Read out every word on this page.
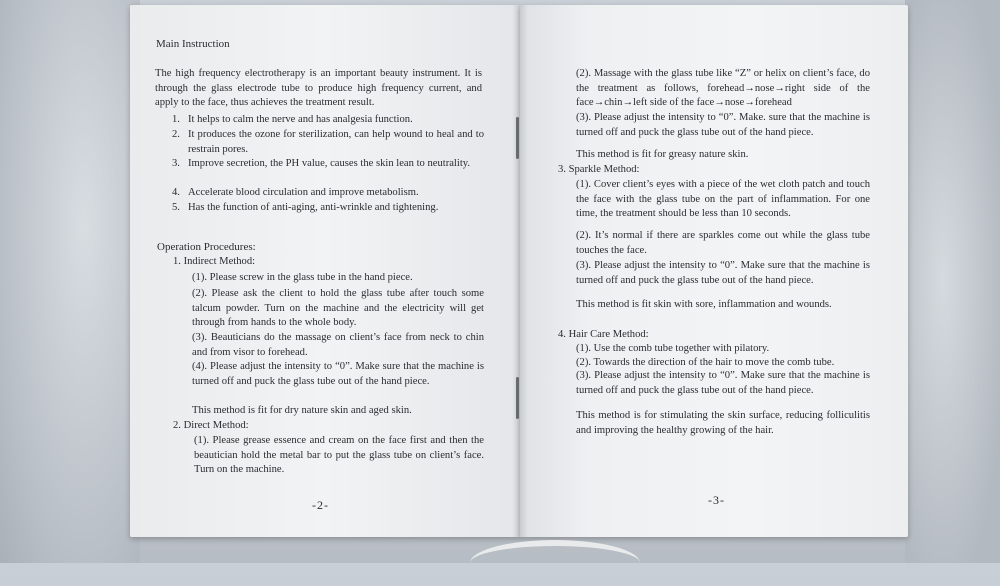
Main Instruction
The high frequency electrotherapy is an important beauty instrument. It is through the glass electrode tube to produce high frequency current, and apply to the face, thus achieves the treatment result.
1. It helps to calm the nerve and has analgesia function.
2. It produces the ozone for sterilization, can help wound to heal and to restrain pores.
3. Improve secretion, the PH value, causes the skin lean to neutrality.
4. Accelerate blood circulation and improve metabolism.
5. Has the function of anti-aging, anti-wrinkle and tightening.
Operation Procedures:
1. Indirect Method:
(1). Please screw in the glass tube in the hand piece.
(2). Please ask the client to hold the glass tube after touch some talcum powder. Turn on the machine and the electricity will get through from hands to the whole body.
(3). Beauticians do the massage on client’s face from neck to chin and from visor to forehead.
(4). Please adjust the intensity to “0”. Make sure that the machine is turned off and puck the glass tube out of the hand piece.
This method is fit for dry nature skin and aged skin.
2. Direct Method:
(1). Please grease essence and cream on the face first and then the beautician hold the metal bar to put the glass tube on client’s face. Turn on the machine.
-2-
(2). Massage with the glass tube like “Z” or helix on client’s face, do the treatment as follows, forehead→nose→right side of the face→chin→left side of the face→nose→forehead
(3). Please adjust the intensity to “0”. Make. sure that the machine is turned off and puck the glass tube out of the hand piece.
This method is fit for greasy nature skin.
3. Sparkle Method:
(1). Cover client’s eyes with a piece of the wet cloth patch and touch the face with the glass tube on the part of inflammation. For one time, the treatment should be less than 10 seconds.
(2). It’s normal if there are sparkles come out while the glass tube touches the face.
(3). Please adjust the intensity to “0”. Make sure that the machine is turned off and puck the glass tube out of the hand piece.
This method is fit skin with sore, inflammation and wounds.
4. Hair Care Method:
(1). Use the comb tube together with pilatory.
(2). Towards the direction of the hair to move the comb tube.
(3). Please adjust the intensity to “0”. Make sure that the machine is turned off and puck the glass tube out of the hand piece.
This method is for stimulating the skin surface, reducing folliculitis and improving the healthy growing of the hair.
-3-
